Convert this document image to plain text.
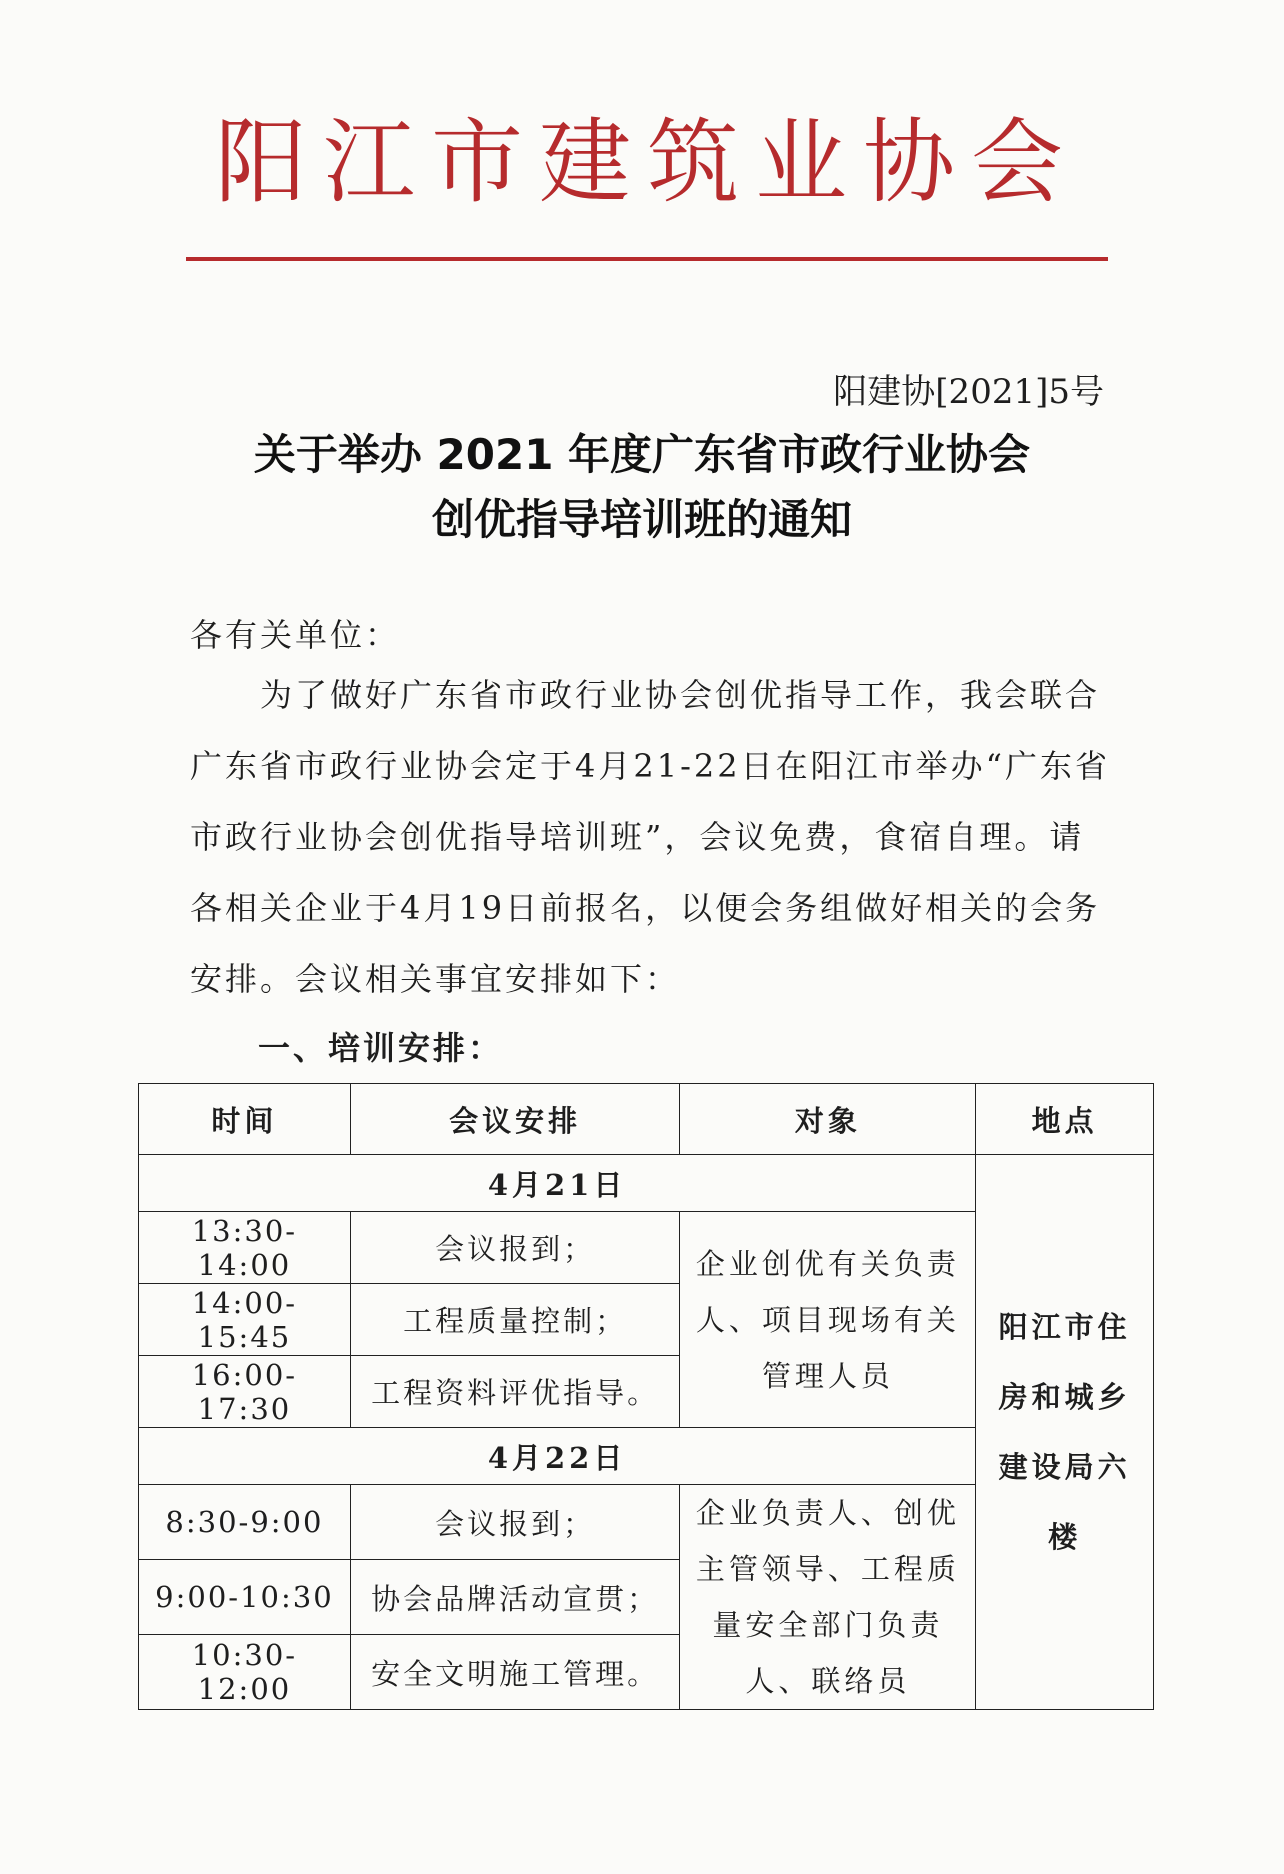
阳江市建筑业协会
阳建协[2021]5号
关于举办 2021 年度广东省市政行业协会
创优指导培训班的通知
各有关单位：
为了做好广东省市政行业协会创优指导工作，我会联合广东省市政行业协会定于4月21-22日在阳江市举办“广东省市政行业协会创优指导培训班”，会议免费，食宿自理。请各相关企业于4月19日前报名，以便会务组做好相关的会务安排。会议相关事宜安排如下：
一、培训安排：
时间	会议安排	对象	地点
4月21日			阳江市住房和城乡建设局六楼
13:30-14:00	会议报到；	企业创优有关负责人、项目现场有关管理人员	
14:00-15:45	工程质量控制；		
16:00-17:30	工程资料评优指导。		
4月22日			
8:30-9:00	会议报到；	企业负责人、创优主管领导、工程质量安全部门负责人、联络员	
9:00-10:30	协会品牌活动宣贯；		
10:30-12:00	安全文明施工管理。		
